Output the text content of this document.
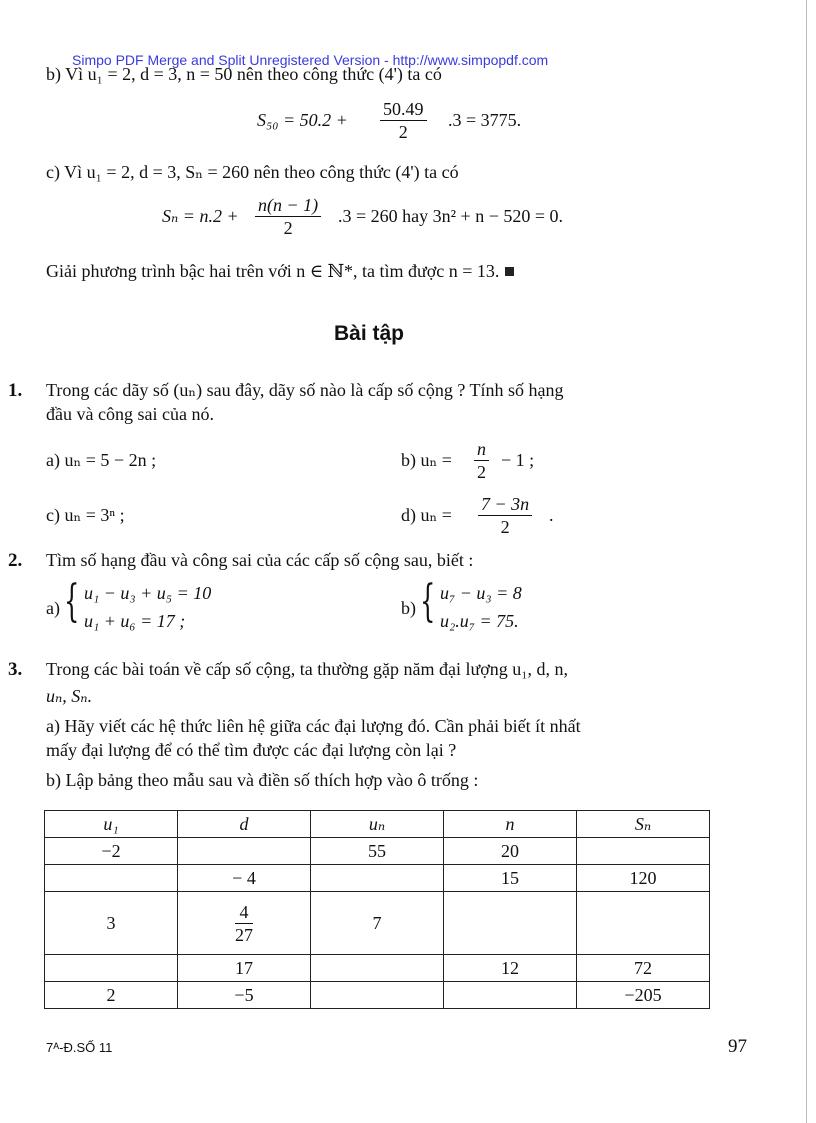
Simpo PDF Merge and Split Unregistered Version - http://www.simpopdf.com
b) Vì u₁ = 2, d = 3, n = 50 nên theo công thức (4') ta có
$S_{50} = 50.2 + \frac{50.49}{2} .3 = 3775$.
c) Vì u₁ = 2, d = 3, Sₙ = 260 nên theo công thức (4') ta có
$S_n = n.2 + \frac{n(n - 1)}{2} .3 = 260$ hay 3n² + n − 520 = 0.
Giải phương trình bậc hai trên với n ∈ ℕ*, ta tìm được n = 13.
Bài tập
1. Trong các dãy số (uₙ) sau đây, dãy số nào là cấp số cộng ? Tính số hạng
đầu và công sai của nó.
a) uₙ = 5 − 2n ;	b) $u_n = \frac{n}{2} - 1$ ;
c) uₙ = 3ⁿ ;	d) $u_n = \frac{7 - 3n}{2}$ .
2. Tìm số hạng đầu và công sai của các cấp số cộng sau, biết :
a) { u₁ − u₃ + u₅ = 10
u₁ + u₆ = 17 ;
b) { u₇ − u₃ = 8
u₂.u₇ = 75.
3. Trong các bài toán về cấp số cộng, ta thường gặp năm đại lượng u₁, d, n,
uₙ, Sₙ.
a) Hãy viết các hệ thức liên hệ giữa các đại lượng đó. Cần phải biết ít nhất
mấy đại lượng để có thể tìm được các đại lượng còn lại ?
b) Lập bảng theo mẫu sau và điền số thích hợp vào ô trống :
u₁	d	uₙ	n	Sₙ
−2		55	20	
	− 4		15	120
3	$\frac{4}{27}$	7		
	17		12	72
2	−5			−205
7ᴬ-Đ.SỐ 11	97
